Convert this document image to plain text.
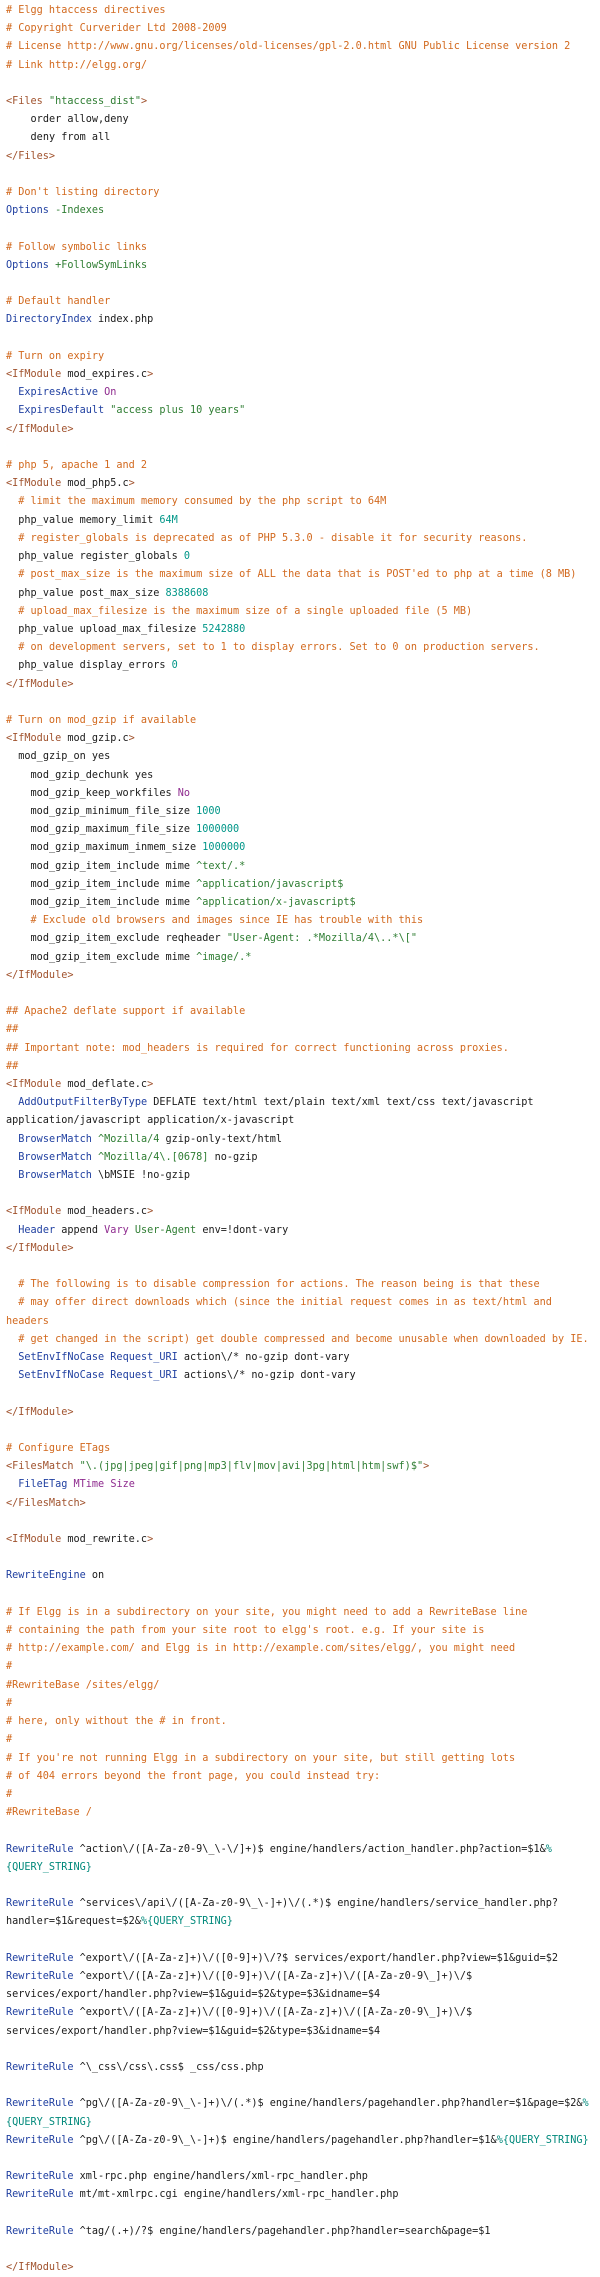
# Elgg htaccess directives
# Copyright Curverider Ltd 2008-2009
# License http://www.gnu.org/licenses/old-licenses/gpl-2.0.html GNU Public License version 2
# Link http://elgg.org/

<Files "htaccess_dist">
order allow,deny
deny from all
</Files>

# Don't listing directory
Options -Indexes

# Follow symbolic links
Options +FollowSymLinks

# Default handler
DirectoryIndex index.php

# Turn on expiry
<IfModule mod_expires.c>
ExpiresActive On
ExpiresDefault "access plus 10 years"
</IfModule>

# php 5, apache 1 and 2
<IfModule mod_php5.c>
# limit the maximum memory consumed by the php script to 64M
php_value memory_limit 64M
# register_globals is deprecated as of PHP 5.3.0 - disable it for security reasons.
php_value register_globals 0
# post_max_size is the maximum size of ALL the data that is POST'ed to php at a time (8 MB)
php_value post_max_size 8388608
# upload_max_filesize is the maximum size of a single uploaded file (5 MB)
php_value upload_max_filesize 5242880
# on development servers, set to 1 to display errors. Set to 0 on production servers.
php_value display_errors 0
</IfModule>

# Turn on mod_gzip if available
<IfModule mod_gzip.c>
mod_gzip_on yes
mod_gzip_dechunk yes
mod_gzip_keep_workfiles No
mod_gzip_minimum_file_size 1000
mod_gzip_maximum_file_size 1000000
mod_gzip_maximum_inmem_size 1000000
mod_gzip_item_include mime ^text/.*
mod_gzip_item_include mime ^application/javascript$
mod_gzip_item_include mime ^application/x-javascript$
# Exclude old browsers and images since IE has trouble with this
mod_gzip_item_exclude reqheader "User-Agent: .*Mozilla/4\..*\["
mod_gzip_item_exclude mime ^image/.*
</IfModule>

## Apache2 deflate support if available
##
## Important note: mod_headers is required for correct functioning across proxies.
##
<IfModule mod_deflate.c>
AddOutputFilterByType DEFLATE text/html text/plain text/xml text/css text/javascript application/javascript application/x-javascript
BrowserMatch ^Mozilla/4 gzip-only-text/html
BrowserMatch ^Mozilla/4\.[0678] no-gzip
BrowserMatch \bMSIE !no-gzip

<IfModule mod_headers.c>
Header append Vary User-Agent env=!dont-vary
</IfModule>

# The following is to disable compression for actions. The reason being is that these
# may offer direct downloads which (since the initial request comes in as text/html and headers
# get changed in the script) get double compressed and become unusable when downloaded by IE.
SetEnvIfNoCase Request_URI action\/* no-gzip dont-vary
SetEnvIfNoCase Request_URI actions\/* no-gzip dont-vary

</IfModule>

# Configure ETags
<FilesMatch "\.(jpg|jpeg|gif|png|mp3|flv|mov|avi|3pg|html|htm|swf)$">
FileETag MTime Size
</FilesMatch>

<IfModule mod_rewrite.c>

RewriteEngine on

# If Elgg is in a subdirectory on your site, you might need to add a RewriteBase line
# containing the path from your site root to elgg's root. e.g. If your site is
# http://example.com/ and Elgg is in http://example.com/sites/elgg/, you might need
#
#RewriteBase /sites/elgg/
#
# here, only without the # in front.
#
# If you're not running Elgg in a subdirectory on your site, but still getting lots
# of 404 errors beyond the front page, you could instead try:
#
#RewriteBase /

RewriteRule ^action\/([A-Za-z0-9\_\-\/]+)$ engine/handlers/action_handler.php?action=$1&%{QUERY_STRING}

RewriteRule ^services\/api\/([A-Za-z0-9\_\-]+)\/(.*)$ engine/handlers/service_handler.php?handler=$1&request=$2&%{QUERY_STRING}

RewriteRule ^export\/([A-Za-z]+)\/([0-9]+)\/?$ services/export/handler.php?view=$1&guid=$2
RewriteRule ^export\/([A-Za-z]+)\/([0-9]+)\/([A-Za-z]+)\/([A-Za-z0-9\_]+)\/$ services/export/handler.php?view=$1&guid=$2&type=$3&idname=$4
RewriteRule ^export\/([A-Za-z]+)\/([0-9]+)\/([A-Za-z]+)\/([A-Za-z0-9\_]+)\/$ services/export/handler.php?view=$1&guid=$2&type=$3&idname=$4

RewriteRule ^\_css\/css\.css$ _css/css.php

RewriteRule ^pg\/([A-Za-z0-9\_\-]+)\/(.*)$ engine/handlers/pagehandler.php?handler=$1&page=$2&%{QUERY_STRING}
RewriteRule ^pg\/([A-Za-z0-9\_\-]+)$ engine/handlers/pagehandler.php?handler=$1&%{QUERY_STRING}

RewriteRule xml-rpc.php engine/handlers/xml-rpc_handler.php
RewriteRule mt/mt-xmlrpc.cgi engine/handlers/xml-rpc_handler.php

RewriteRule ^tag/(.+)/?$ engine/handlers/pagehandler.php?handler=search&page=$1

</IfModule>
